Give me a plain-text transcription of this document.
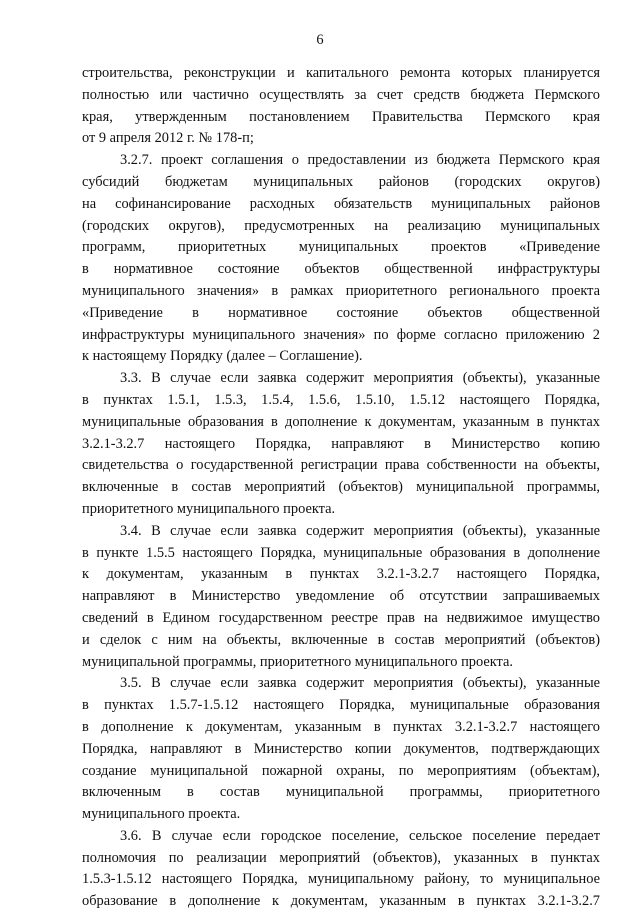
6
строительства, реконструкции и капитального ремонта которых планируется
полностью или частично осуществлять за счет средств бюджета Пермского
края, утвержденным постановлением Правительства Пермского края
от 9 апреля 2012 г. № 178-п;
3.2.7. проект соглашения о предоставлении из бюджета Пермского края
субсидий бюджетам муниципальных районов (городских округов)
на софинансирование расходных обязательств муниципальных районов
(городских округов), предусмотренных на реализацию муниципальных
программ, приоритетных муниципальных проектов «Приведение
в нормативное состояние объектов общественной инфраструктуры
муниципального значения» в рамках приоритетного регионального проекта
«Приведение в нормативное состояние объектов общественной
инфраструктуры муниципального значения» по форме согласно приложению 2
к настоящему Порядку (далее – Соглашение).
3.3. В случае если заявка содержит мероприятия (объекты), указанные
в пунктах 1.5.1, 1.5.3, 1.5.4, 1.5.6, 1.5.10, 1.5.12 настоящего Порядка,
муниципальные образования в дополнение к документам, указанным в пунктах
3.2.1-3.2.7 настоящего Порядка, направляют в Министерство копию
свидетельства о государственной регистрации права собственности на объекты,
включенные в состав мероприятий (объектов) муниципальной программы,
приоритетного муниципального проекта.
3.4. В случае если заявка содержит мероприятия (объекты), указанные
в пункте 1.5.5 настоящего Порядка, муниципальные образования в дополнение
к документам, указанным в пунктах 3.2.1-3.2.7 настоящего Порядка,
направляют в Министерство уведомление об отсутствии запрашиваемых
сведений в Едином государственном реестре прав на недвижимое имущество
и сделок с ним на объекты, включенные в состав мероприятий (объектов)
муниципальной программы, приоритетного муниципального проекта.
3.5. В случае если заявка содержит мероприятия (объекты), указанные
в пунктах 1.5.7-1.5.12 настоящего Порядка, муниципальные образования
в дополнение к документам, указанным в пунктах 3.2.1-3.2.7 настоящего
Порядка, направляют в Министерство копии документов, подтверждающих
создание муниципальной пожарной охраны, по мероприятиям (объектам),
включенным в состав муниципальной программы, приоритетного
муниципального проекта.
3.6. В случае если городское поселение, сельское поселение передает
полномочия по реализации мероприятий (объектов), указанных в пунктах
1.5.3-1.5.12 настоящего Порядка, муниципальному району, то муниципальное
образование в дополнение к документам, указанным в пунктах 3.2.1-3.2.7
